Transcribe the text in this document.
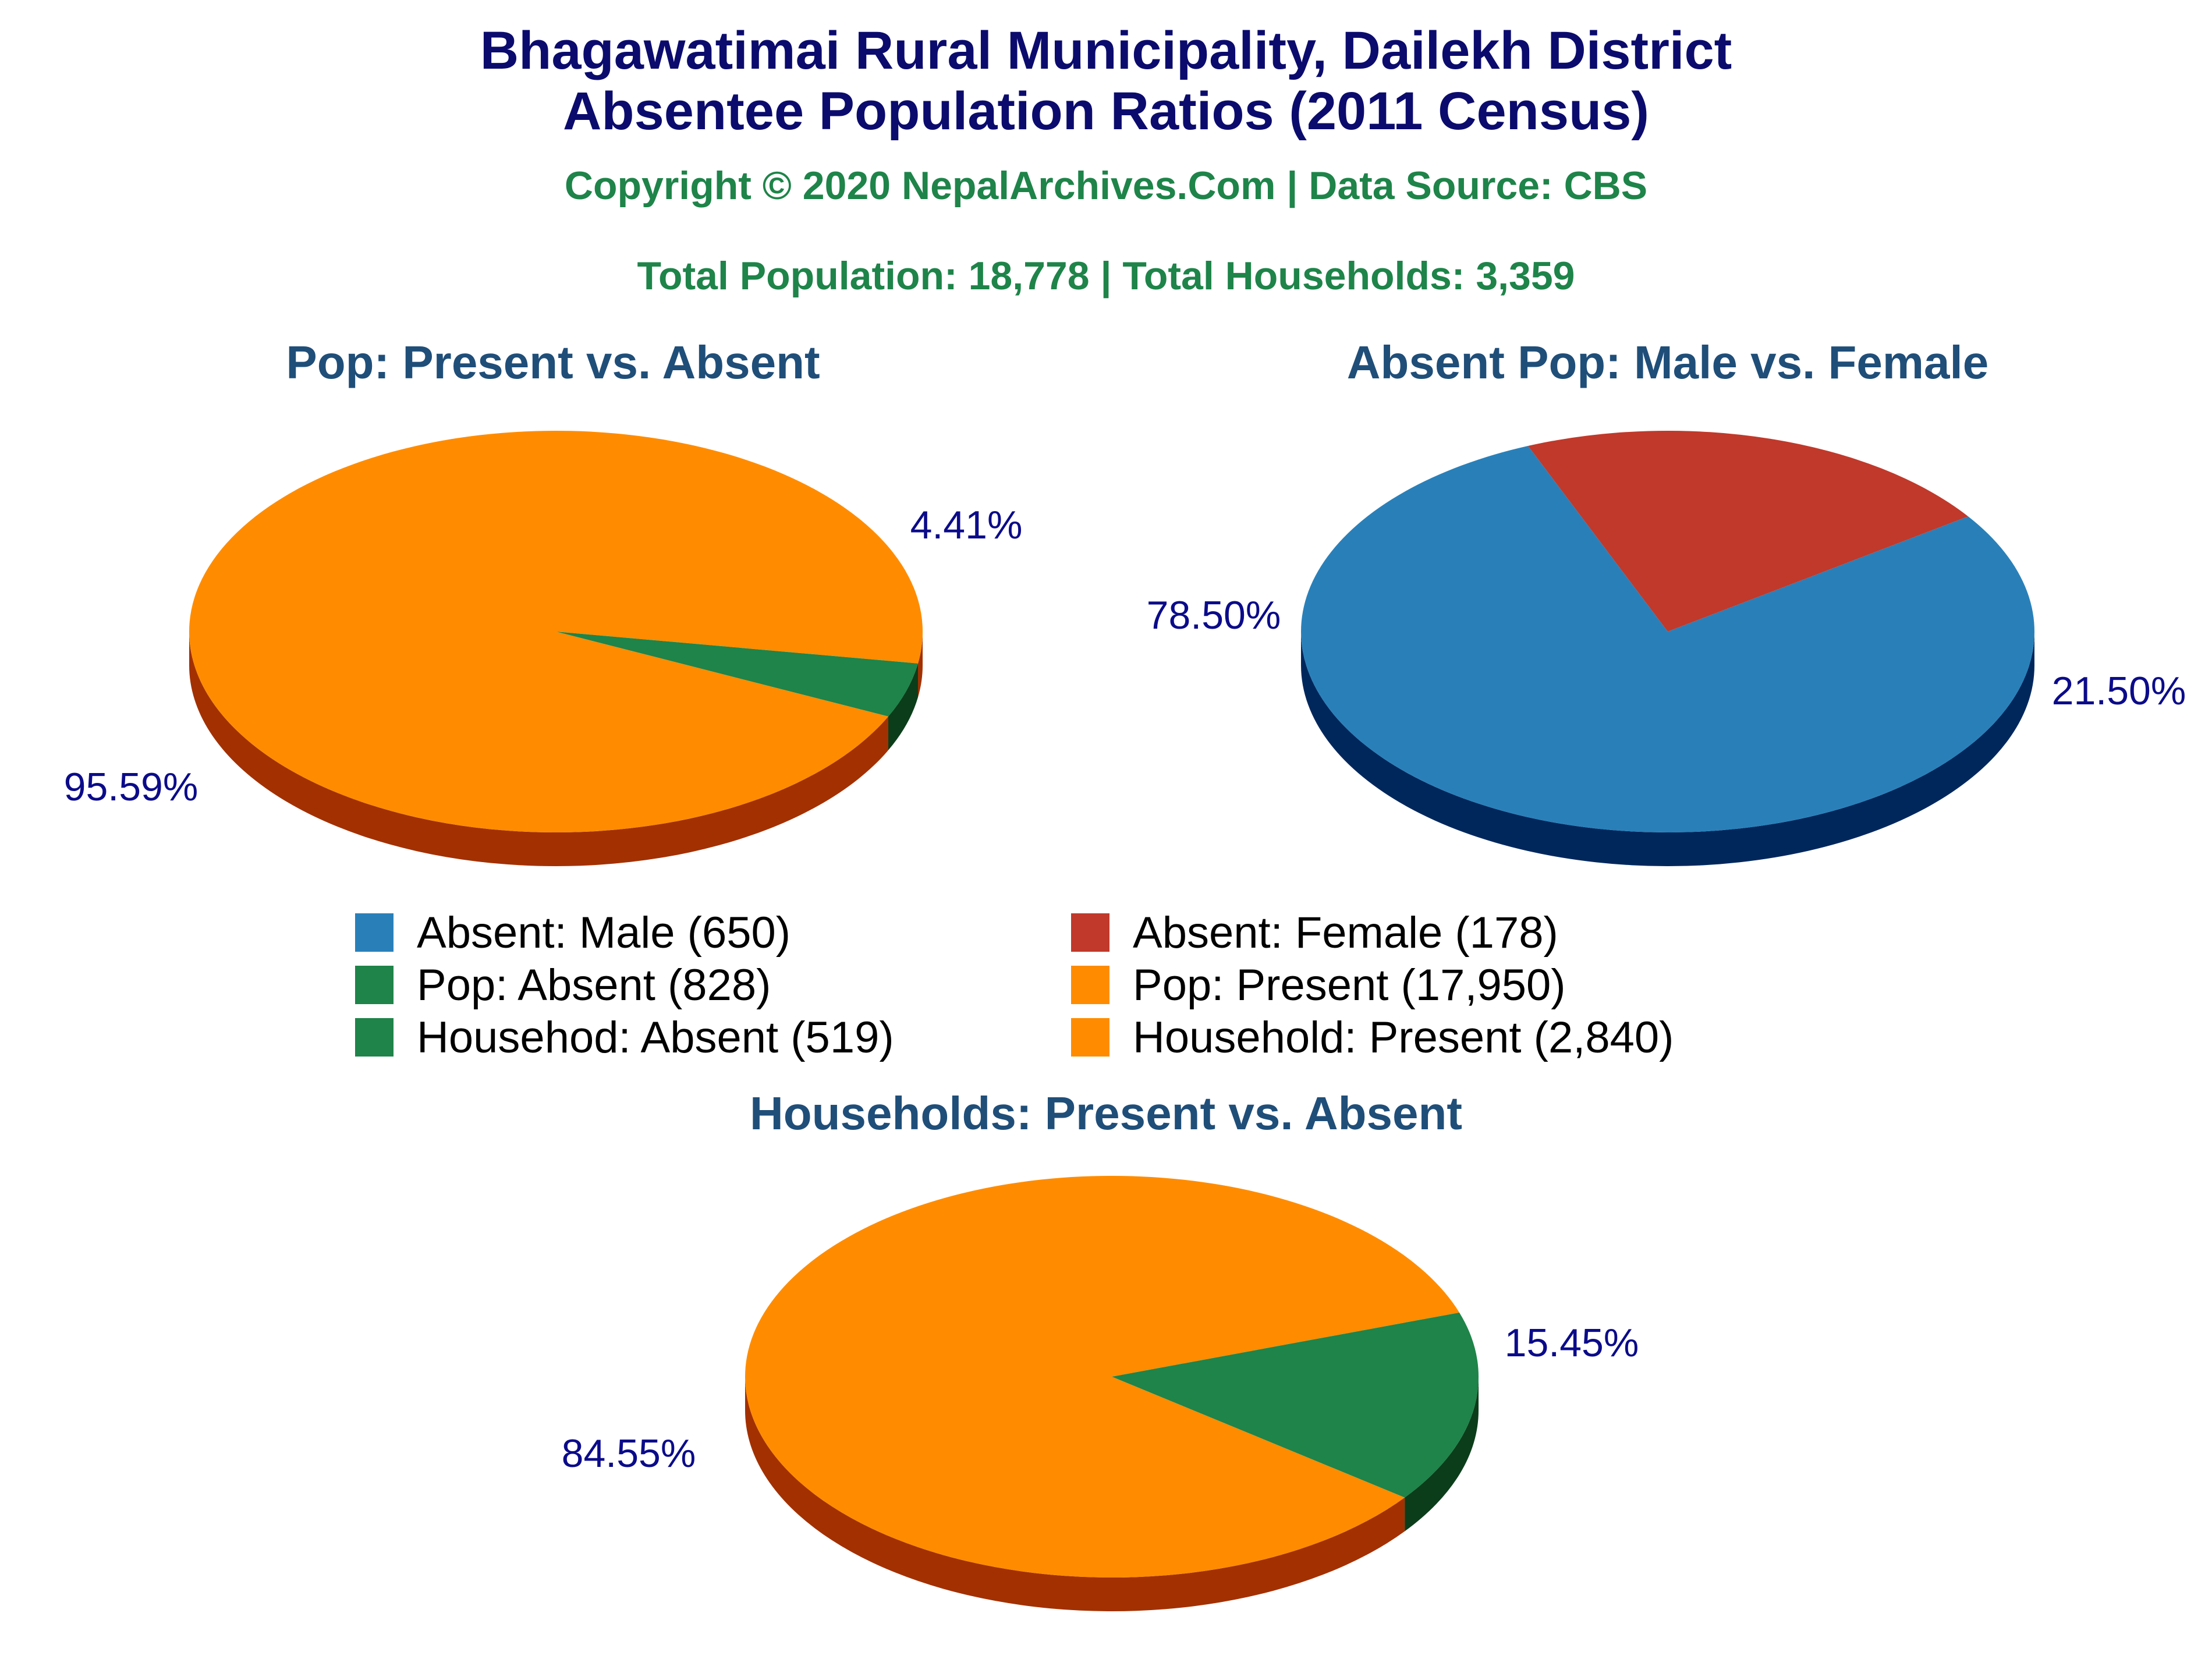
Bhagawatimai Rural Municipality, Dailekh District
Absentee Population Ratios (2011 Census)
Copyright © 2020 NepalArchives.Com | Data Source: CBS
Total Population: 18,778 | Total Households: 3,359
Pop: Present vs. Absent
95.59%
4.41%
Absent Pop: Male vs. Female
78.50%
21.50%
Households: Present vs. Absent
84.55%
15.45%
Absent: Male (650)	Absent: Female (178)
Pop: Absent (828)	Pop: Present (17,950)
Househod: Absent (519)	Household: Present (2,840)
